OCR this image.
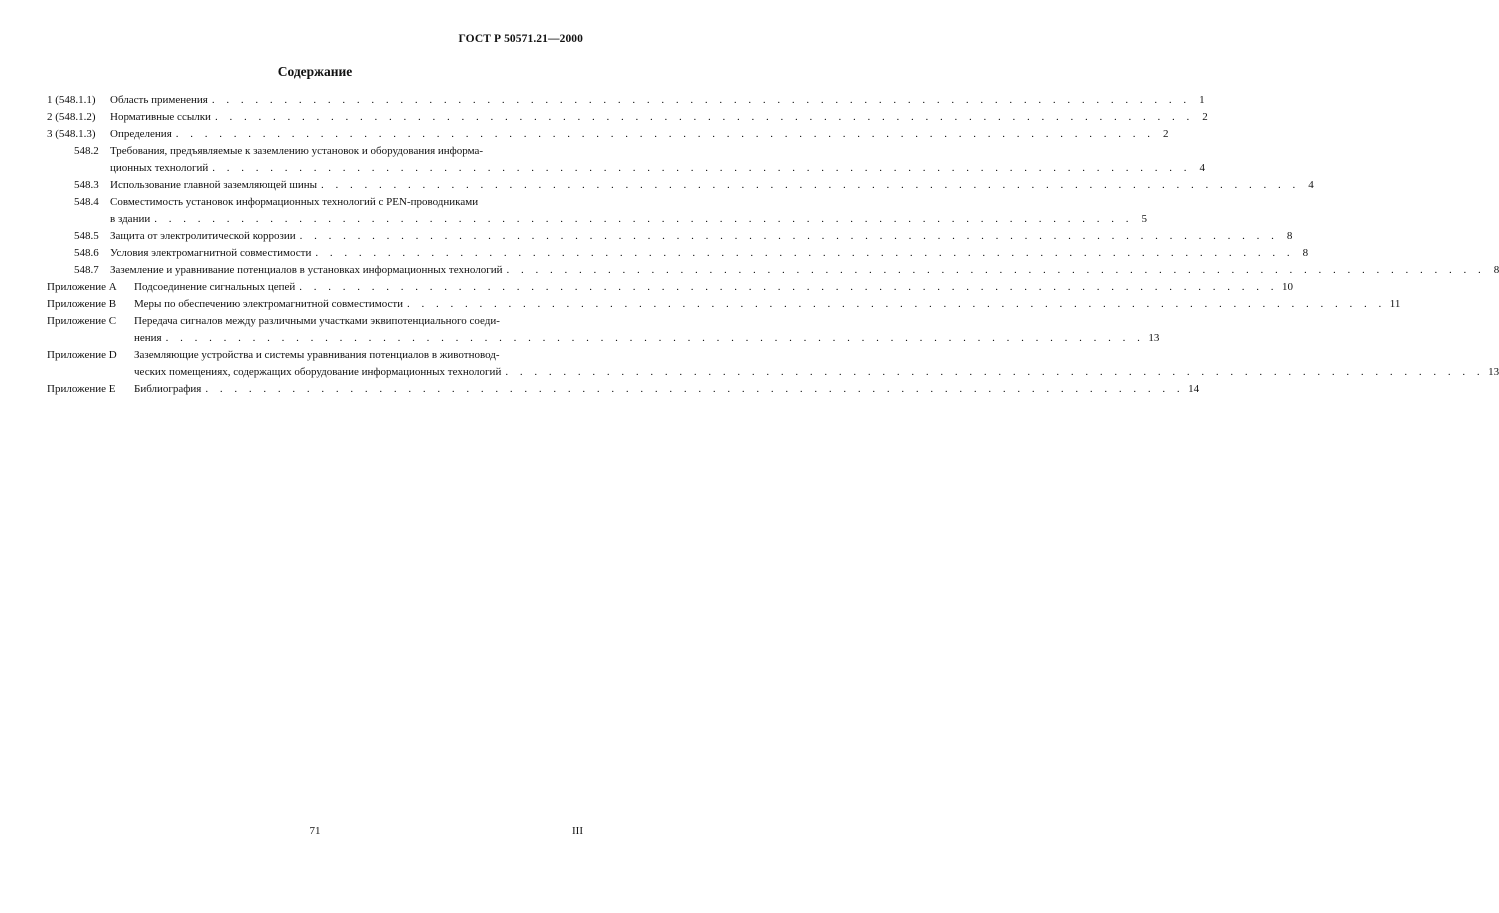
ГОСТ Р 50571.21—2000
Содержание
1 (548.1.1) Область применения . . . . . . . . . . . . . . . . . . . . . . . . . . . . . . . . . . . . . . . . . . . . . . . . . . . . . . . . . . . . . . . . . . . . 1
2 (548.1.2) Нормативные ссылки . . . . . . . . . . . . . . . . . . . . . . . . . . . . . . . . . . . . . . . . . . . . . . . . . . . . . . . . . . . . . . . . . . . . 2
3 (548.1.3) Определения . . . . . . . . . . . . . . . . . . . . . . . . . . . . . . . . . . . . . . . . . . . . . . . . . . . . . . . . . . . . . . . . . . . . 2
548.2 Требования, предъявляемые к заземлению установок и оборудования информа-
ционных технологий . . . . . . . . . . . . . . . . . . . . . . . . . . . . . . . . . . . . . . . . . . . . . . . . . . . . . . . . . . . . . . . . . . . . 4
548.3 Использование главной заземляющей шины . . . . . . . . . . . . . . . . . . . . . . . . . . . . . . . . . . . . . . . . . . . . . . . . . . . . . . . . . . . . . . . . . . . . 4
548.4 Совместимость установок информационных технологий с PEN-проводниками
в здании . . . . . . . . . . . . . . . . . . . . . . . . . . . . . . . . . . . . . . . . . . . . . . . . . . . . . . . . . . . . . . . . . . . . 5
548.5 Защита от электролитической коррозии . . . . . . . . . . . . . . . . . . . . . . . . . . . . . . . . . . . . . . . . . . . . . . . . . . . . . . . . . . . . . . . . . . . . 8
548.6 Условия электромагнитной совместимости . . . . . . . . . . . . . . . . . . . . . . . . . . . . . . . . . . . . . . . . . . . . . . . . . . . . . . . . . . . . . . . . . . . . 8
548.7 Заземление и уравнивание потенциалов в установках информационных технологий . . . . . . . . . . . . . . . . . . . . . . . . . . . . . . . . . . . . . . . . . . . . . . . . . . . . . . . . . . . . . . . . . . . . 8
Приложение A Подсоединение сигнальных цепей . . . . . . . . . . . . . . . . . . . . . . . . . . . . . . . . . . . . . . . . . . . . . . . . . . . . . . . . . . . . . . . . . . . . 10
Приложение B Меры по обеспечению электромагнитной совместимости . . . . . . . . . . . . . . . . . . . . . . . . . . . . . . . . . . . . . . . . . . . . . . . . . . . . . . . . . . . . . . . . . . . . 11
Приложение C Передача сигналов между различными участками эквипотенциального соеди-
нения . . . . . . . . . . . . . . . . . . . . . . . . . . . . . . . . . . . . . . . . . . . . . . . . . . . . . . . . . . . . . . . . . . . . 13
Приложение D Заземляющие устройства и системы уравнивания потенциалов в животновод-
ческих помещениях, содержащих оборудование информационных технологий . . . . . . . . . . . . . . . . . . . . . . . . . . . . . . . . . . . . . . . . . . . . . . . . . . . . . . . . . . . . . . . . . . . . 13
Приложение E Библиография . . . . . . . . . . . . . . . . . . . . . . . . . . . . . . . . . . . . . . . . . . . . . . . . . . . . . . . . . . . . . . . . . . . . 14
71	III
